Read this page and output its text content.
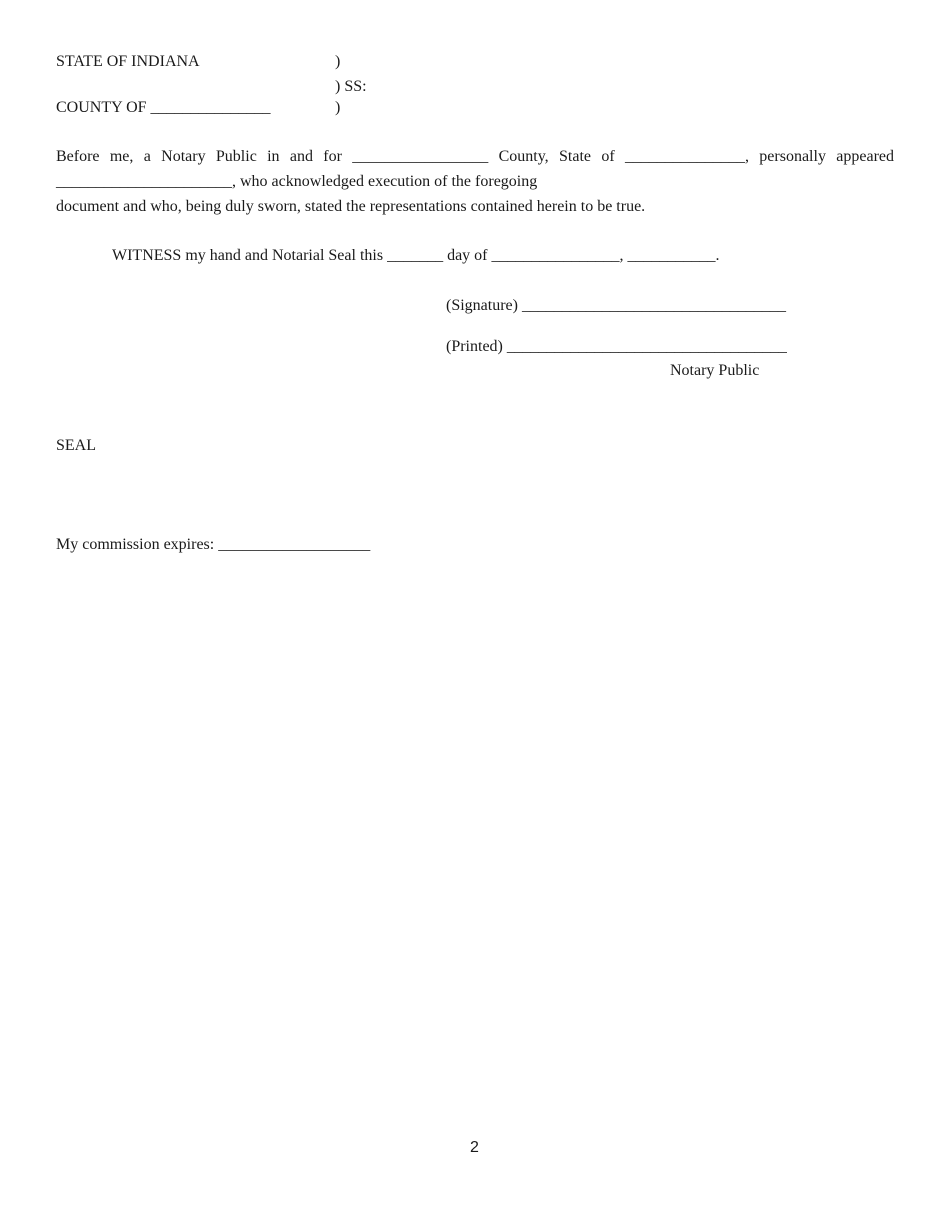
STATE OF INDIANA	)
) SS:
COUNTY OF _______________	)
Before me, a Notary Public in and for _________________ County, State of _______________, personally appeared
______________________, who acknowledged execution of the foregoing
document and who, being duly sworn, stated the representations contained herein to be true.
WITNESS my hand and Notarial Seal this _______ day of ________________, ___________.
(Signature) _________________________________
(Printed) ___________________________________
Notary Public
SEAL
My commission expires: ___________________
2
